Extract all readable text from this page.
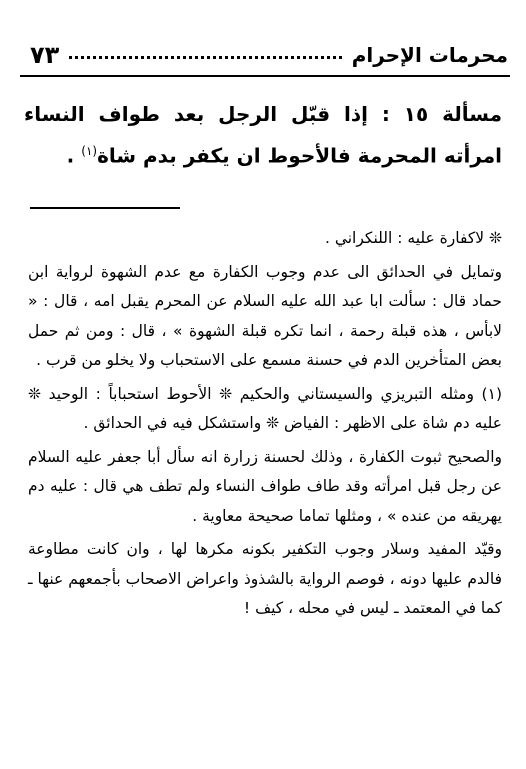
٧٣	محرمات الإحرام
مسألة ١٥ : إذا قبّل الرجل بعد طواف النساء امرأته المحرمة فالأحوط ان يكفر بدم شاة$^{(١)}$ .

❊ لاكفارة عليه : اللنكراني .

وتمايل في الحدائق الى عدم وجوب الكفارة مع عدم الشهوة لرواية ابن حماد قال : سألت ابا عبد الله عليه السلام عن المحرم يقبل امه ، قال : « لابأس ، هذه قبلة رحمة ، انما تكره قبلة الشهوة » ، قال : ومن ثم حمل بعض المتأخرين الدم في حسنة مسمع على الاستحباب ولا يخلو من قرب .

(١) ومثله التبريزي والسيستاني والحكيم ❊ الأحوط استحباباً : الوحيد ❊ عليه دم شاة على الاظهر : الفياض ❊ واستشكل فيه في الحدائق .

والصحيح ثبوت الكفارة ، وذلك لحسنة زرارة انه سأل أبا جعفر عليه السلام عن رجل قبل امرأته وقد طاف طواف النساء ولم تطف هي قال : عليه دم يهريقه من عنده » ، ومثلها تماما صحيحة معاوية .

وقيّد المفيد وسلار وجوب التكفير بكونه مكرها لها ، وان كانت مطاوعة فالدم عليها دونه ، فوصم الرواية بالشذوذ واعراض الاصحاب بأجمعهم عنها ـ كما في المعتمد ـ ليس في محله ، كيف !
